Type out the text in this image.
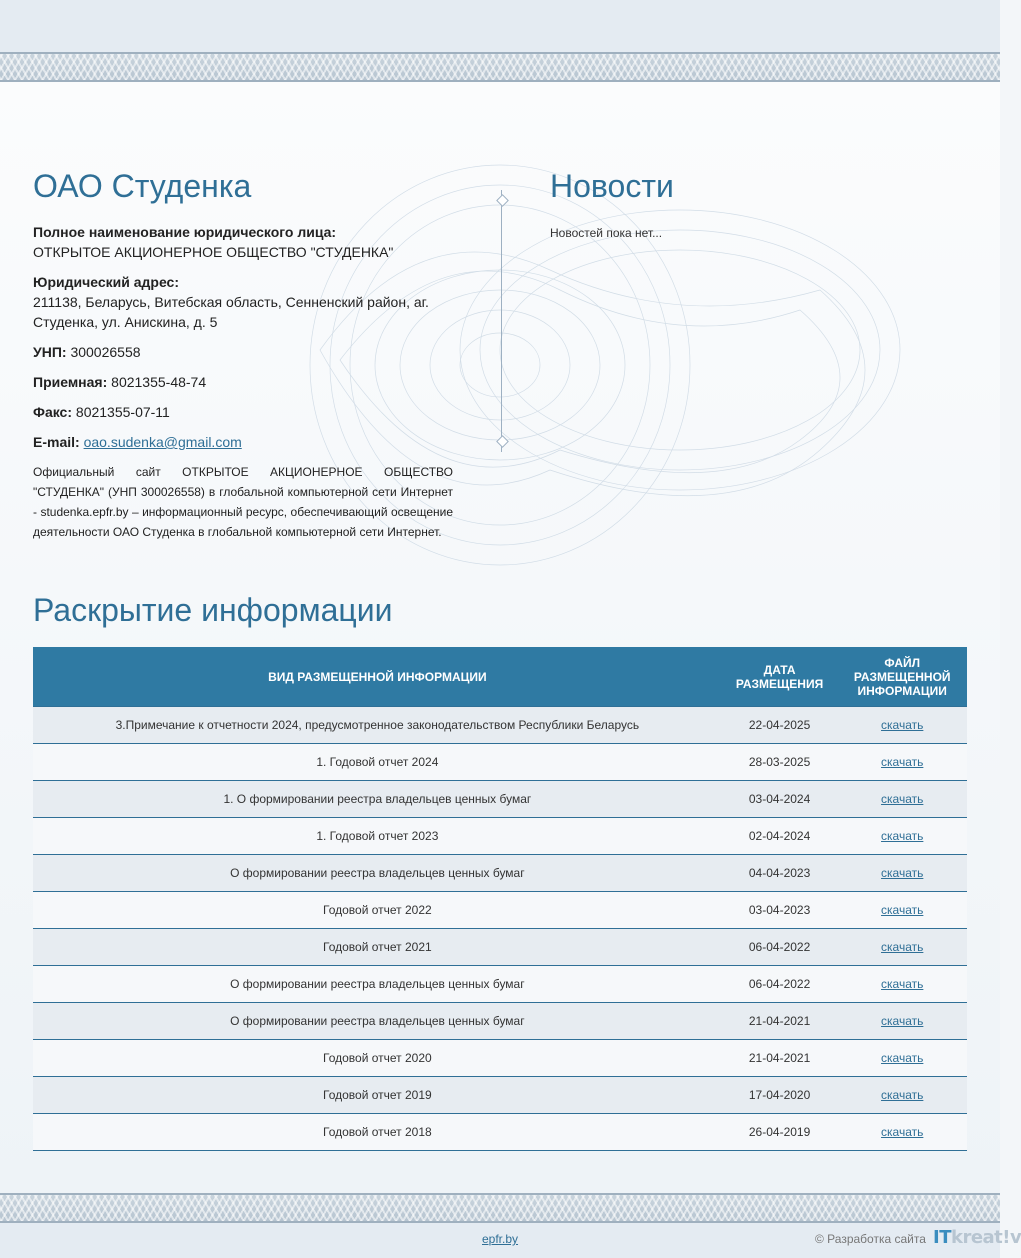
ОАО Студенка	Новости

Полное наименование юридического лица:
ОТКРЫТОЕ АКЦИОНЕРНОЕ ОБЩЕСТВО "СТУДЕНКА"

Юридический адрес:
211138, Беларусь, Витебская область, Сенненский район, аг. Студенка, ул. Анискина, д. 5

УНП: 300026558

Приемная: 8021355-48-74

Факс: 8021355-07-11

E-mail: oao.sudenka@gmail.com

Официальный сайт ОТКРЫТОЕ АКЦИОНЕРНОЕ ОБЩЕСТВО "СТУДЕНКА" (УНП 300026558) в глобальной компьютерной сети Интернет - studenka.epfr.by – информационный ресурс, обеспечивающий освещение деятельности ОАО Студенка в глобальной компьютерной сети Интернет.

Новостей пока нет...
Раскрытие информации
ВИД РАЗМЕЩЕННОЙ ИНФОРМАЦИИ	ДАТА РАЗМЕЩЕНИЯ	ФАЙЛ РАЗМЕЩЕННОЙ ИНФОРМАЦИИ
3.Примечание к отчетности 2024, предусмотренное законодательством Республики Беларусь	22-04-2025	скачать
1. Годовой отчет 2024	28-03-2025	скачать
1. О формировании реестра владельцев ценных бумаг	03-04-2024	скачать
1. Годовой отчет 2023	02-04-2024	скачать
О формировании реестра владельцев ценных бумаг	04-04-2023	скачать
Годовой отчет 2022	03-04-2023	скачать
Годовой отчет 2021	06-04-2022	скачать
О формировании реестра владельцев ценных бумаг	06-04-2022	скачать
О формировании реестра владельцев ценных бумаг	21-04-2021	скачать
Годовой отчет 2020	21-04-2021	скачать
Годовой отчет 2019	17-04-2020	скачать
Годовой отчет 2018	26-04-2019	скачать
epfr.by	© Разработка сайта ITkreat!v
